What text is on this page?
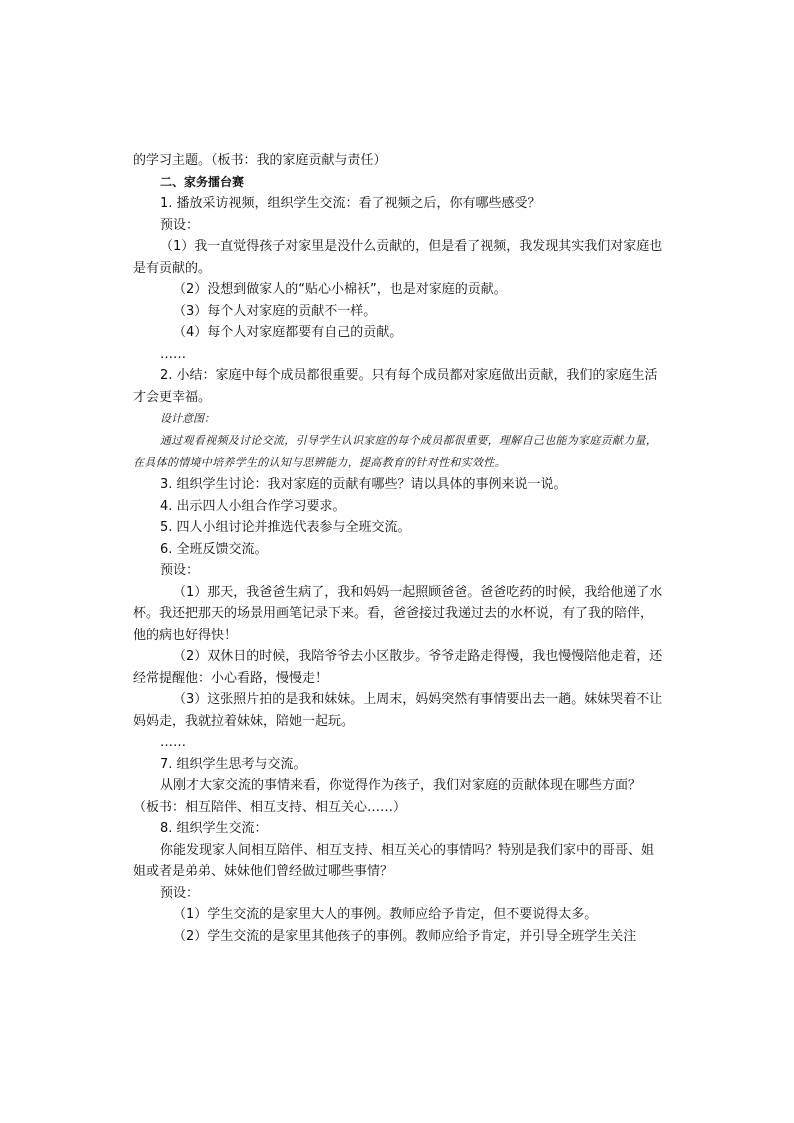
的学习主题。（板书：我的家庭贡献与责任）

二、家务擂台赛

1. 播放采访视频，组织学生交流：看了视频之后，你有哪些感受？

预设：

（1）我一直觉得孩子对家里是没什么贡献的，但是看了视频，我发现其实我们对家庭也是有贡献的。

（2）没想到做家人的“贴心小棉袄”，也是对家庭的贡献。

（3）每个人对家庭的贡献不一样。

（4）每个人对家庭都要有自己的贡献。

……

2. 小结：家庭中每个成员都很重要。只有每个成员都对家庭做出贡献，我们的家庭生活才会更幸福。

设计意图：

通过观看视频及讨论交流，引导学生认识家庭的每个成员都很重要，理解自己也能为家庭贡献力量，在具体的情境中培养学生的认知与思辨能力，提高教育的针对性和实效性。

3. 组织学生讨论：我对家庭的贡献有哪些？请以具体的事例来说一说。

4. 出示四人小组合作学习要求。

5. 四人小组讨论并推选代表参与全班交流。

6. 全班反馈交流。

预设：

（1）那天，我爸爸生病了，我和妈妈一起照顾爸爸。爸爸吃药的时候，我给他递了水杯。我还把那天的场景用画笔记录下来。看，爸爸接过我递过去的水杯说，有了我的陪伴，他的病也好得快！

（2）双休日的时候，我陪爷爷去小区散步。爷爷走路走得慢，我也慢慢陪他走着，还经常提醒他：小心看路，慢慢走！

（3）这张照片拍的是我和妹妹。上周末，妈妈突然有事情要出去一趟。妹妹哭着不让妈妈走，我就拉着妹妹，陪她一起玩。

……

7. 组织学生思考与交流。

从刚才大家交流的事情来看，你觉得作为孩子，我们对家庭的贡献体现在哪些方面？（板书：相互陪伴、相互支持、相互关心……）

8. 组织学生交流：

你能发现家人间相互陪伴、相互支持、相互关心的事情吗？特别是我们家中的哥哥、姐姐或者是弟弟、妹妹他们曾经做过哪些事情？

预设：

（1）学生交流的是家里大人的事例。教师应给予肯定，但不要说得太多。

（2）学生交流的是家里其他孩子的事例。教师应给予肯定，并引导全班学生关注
